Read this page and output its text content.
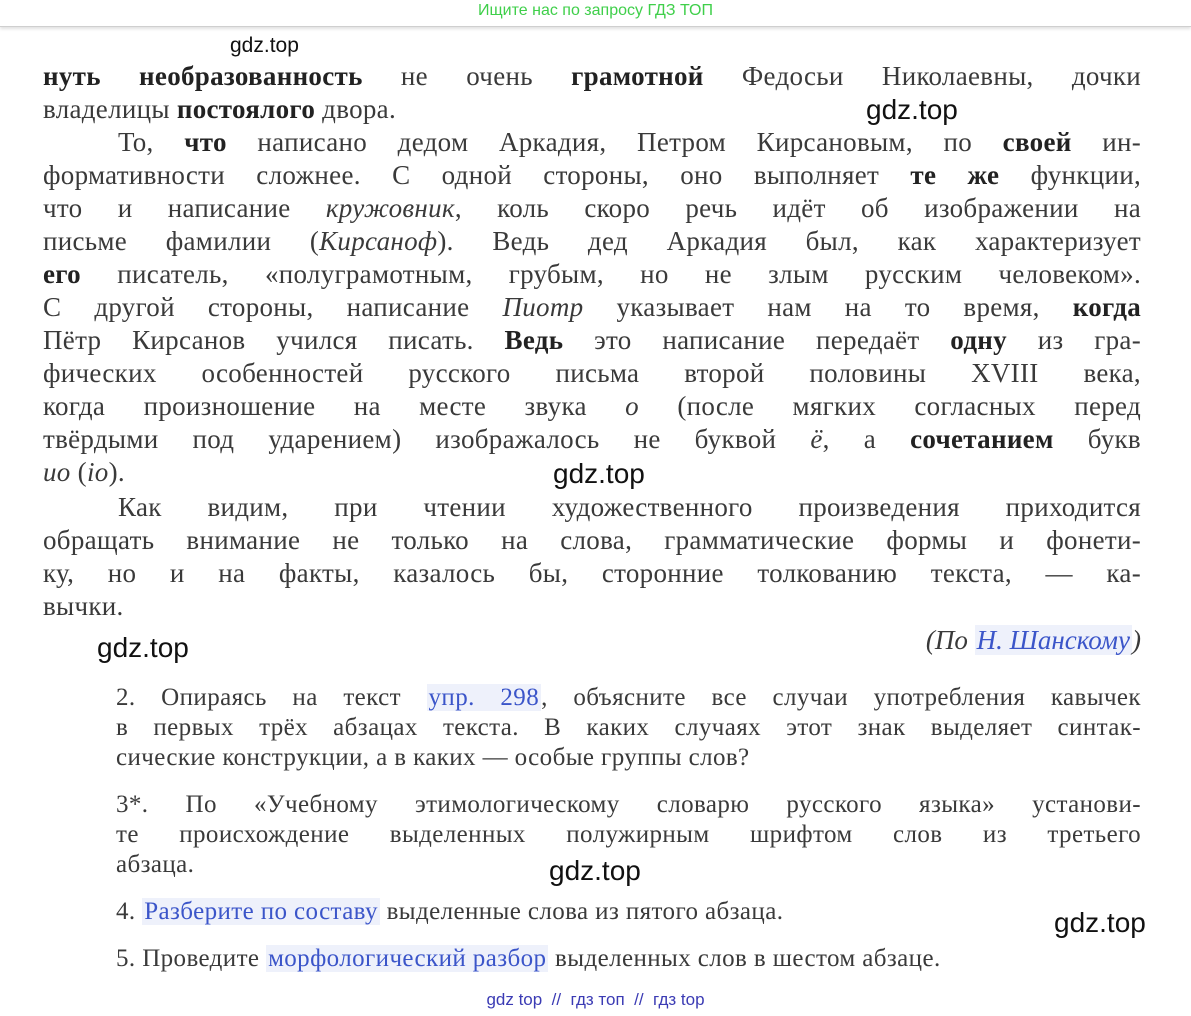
Ищите нас по запросу ГДЗ ТОП
gdz.top
gdz.top
gdz.top
gdz.top
gdz.top
gdz.top
нуть необразованность не очень грамотной Федосьи Николаевны, дочки
владелицы постоялого двора.
То, что написано дедом Аркадия, Петром Кирсановым, по своей ин-
формативности сложнее. С одной стороны, оно выполняет те же функции,
что и написание кружовник, коль скоро речь идёт об изображении на
письме фамилии (Кирсаноф). Ведь дед Аркадия был, как характеризует
его писатель, «полуграмотным, грубым, но не злым русским человеком».
С другой стороны, написание Пиотр указывает нам на то время, когда
Пётр Кирсанов учился писать. Ведь это написание передаёт одну из гра-
фических особенностей русского письма второй половины XVIII века,
когда произношение на месте звука о (после мягких согласных перед
твёрдыми под ударением) изображалось не буквой ё, а сочетанием букв
ио (io).
Как видим, при чтении художественного произведения приходится
обращать внимание не только на слова, грамматические формы и фонети-
ку, но и на факты, казалось бы, сторонние толкованию текста, — ка-
вычки.
(По Н. Шанскому)
2. Опираясь на текст упр. 298, объясните все случаи употребления кавычек
в первых трёх абзацах текста. В каких случаях этот знак выделяет синтак-
сические конструкции, а в каких — особые группы слов?
3*. По «Учебному этимологическому словарю русского языка» установи-
те происхождение выделенных полужирным шрифтом слов из третьего
абзаца.
4. Разберите по составу выделенные слова из пятого абзаца.
5. Проведите морфологический разбор выделенных слов в шестом абзаце.
gdz top  //  гдз топ  //  гдз top
